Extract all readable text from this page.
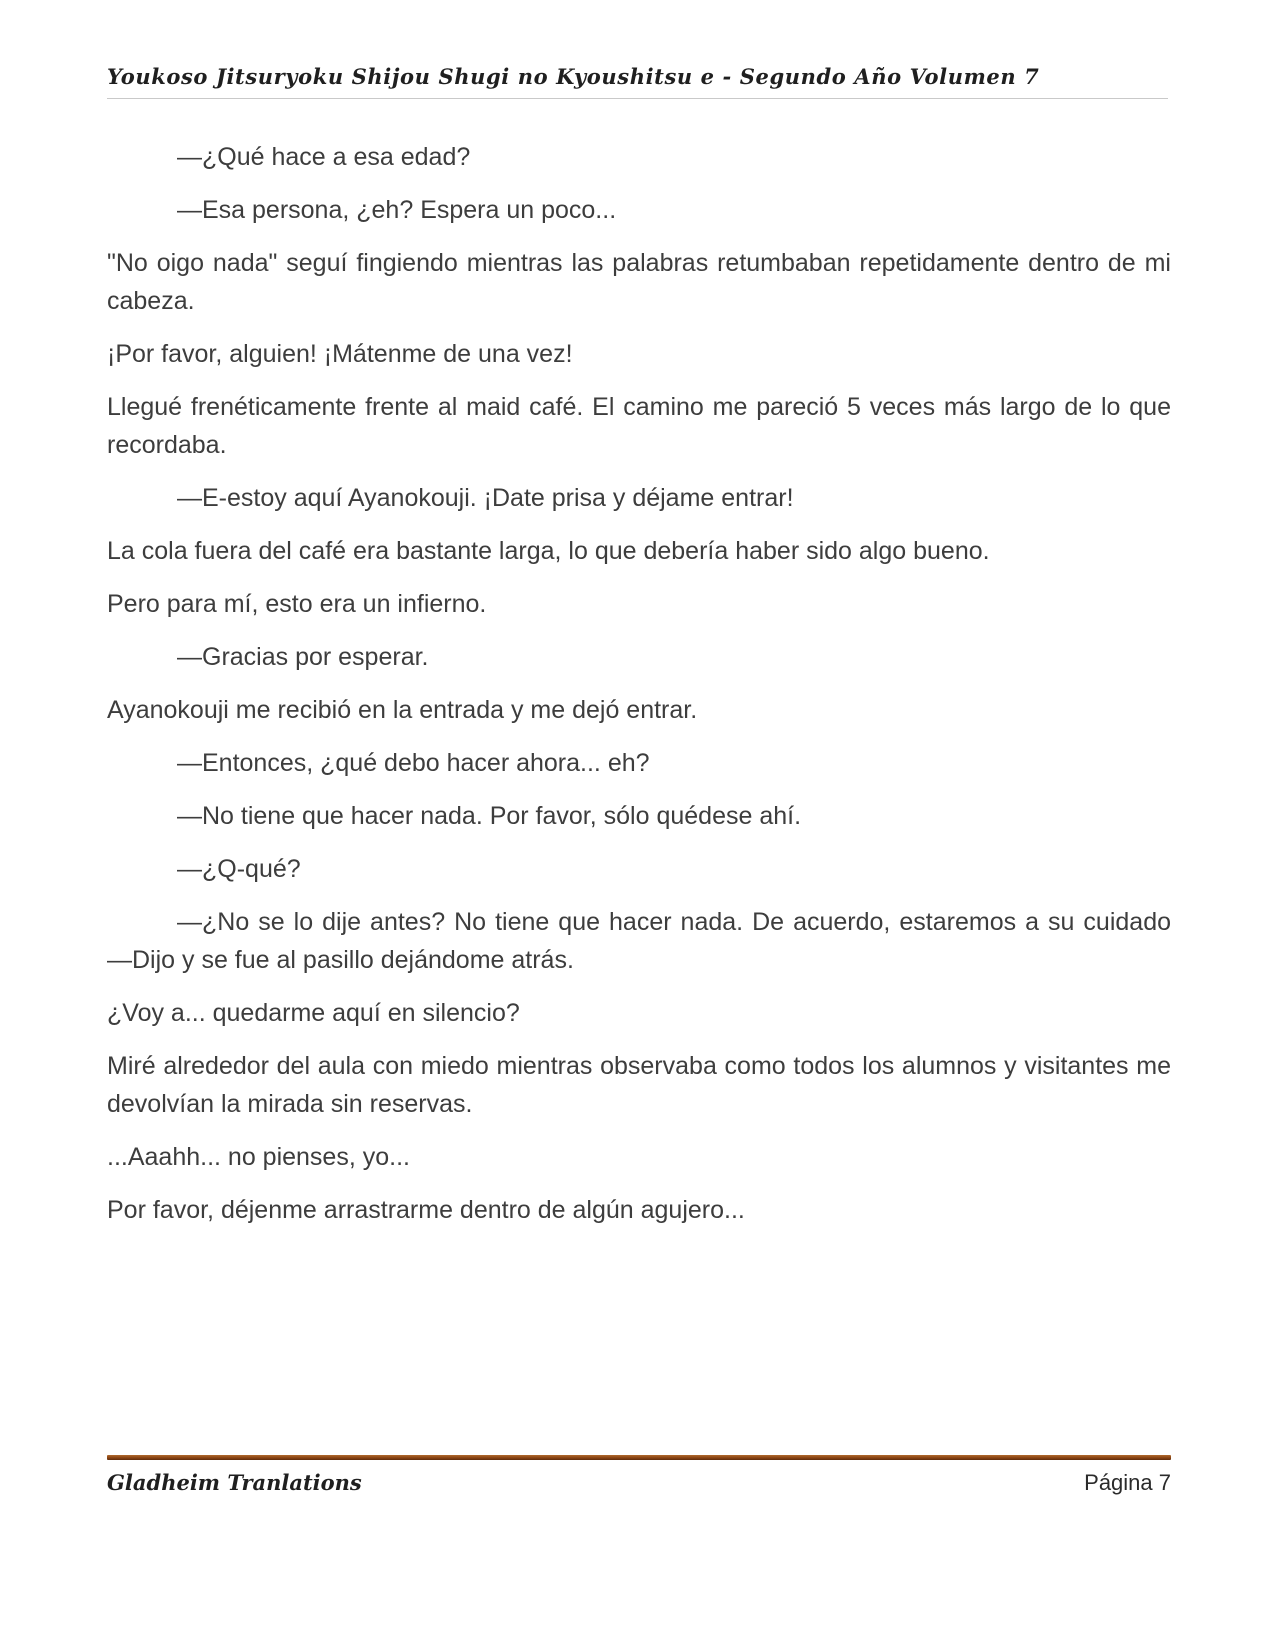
Youkoso Jitsuryoku Shijou Shugi no Kyoushitsu e - Segundo Año Volumen 7

—¿Qué hace a esa edad?

—Esa persona, ¿eh? Espera un poco...

"No oigo nada" seguí fingiendo mientras las palabras retumbaban repetidamente dentro de mi cabeza.

¡Por favor, alguien! ¡Mátenme de una vez!

Llegué frenéticamente frente al maid café. El camino me pareció 5 veces más largo de lo que recordaba.

—E-estoy aquí Ayanokouji. ¡Date prisa y déjame entrar!

La cola fuera del café era bastante larga, lo que debería haber sido algo bueno.

Pero para mí, esto era un infierno.

—Gracias por esperar.

Ayanokouji me recibió en la entrada y me dejó entrar.

—Entonces, ¿qué debo hacer ahora... eh?

—No tiene que hacer nada. Por favor, sólo quédese ahí.

—¿Q-qué?

—¿No se lo dije antes? No tiene que hacer nada. De acuerdo, estaremos a su cuidado —Dijo y se fue al pasillo dejándome atrás.

¿Voy a... quedarme aquí en silencio?

Miré alrededor del aula con miedo mientras observaba como todos los alumnos y visitantes me devolvían la mirada sin reservas.

...Aaahh... no pienses, yo...

Por favor, déjenme arrastrarme dentro de algún agujero...

Gladheim Tranlations	Página 7
